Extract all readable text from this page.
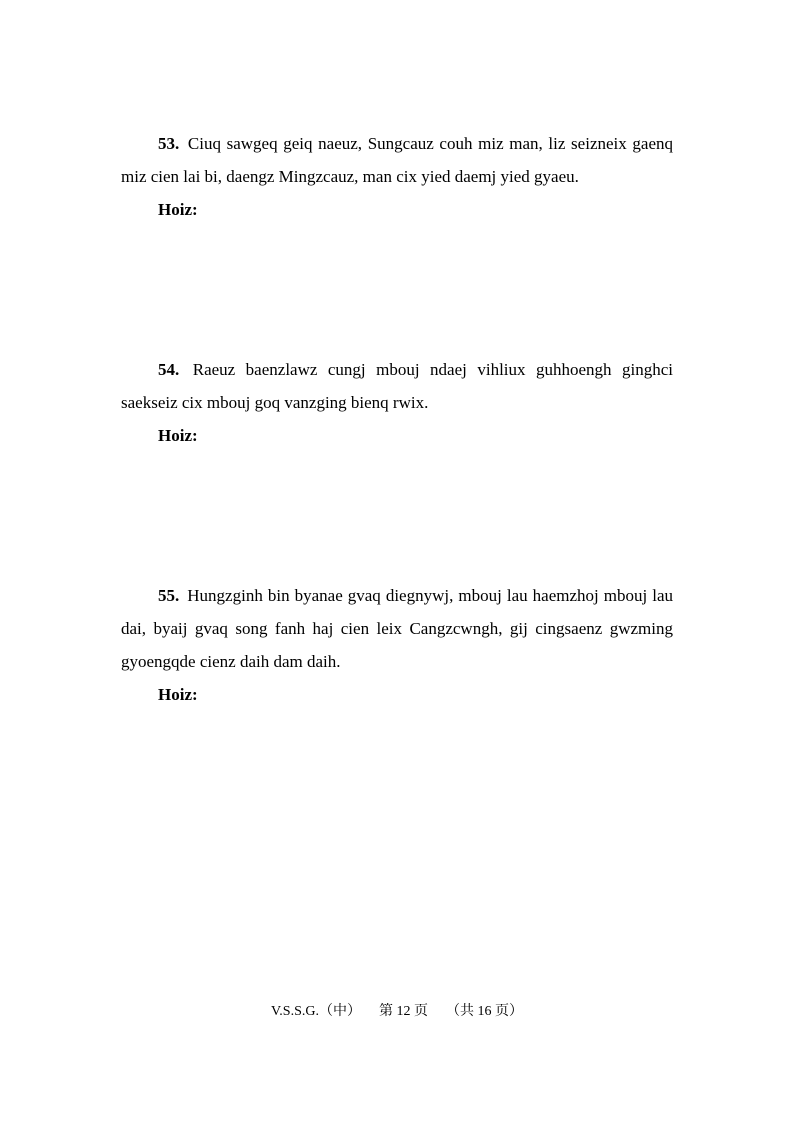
53. Ciuq sawgeq geiq naeuz, Sungcauz couh miz man, liz seizneix gaenq miz cien lai bi, daengz Mingzcauz, man cix yied daemj yied gyaeu.

Hoiz:

54. Raeuz baenzlawz cungj mbouj ndaej vihliux guhhoengh ginghci saekseiz cix mbouj goq vanzging bienq rwix.

Hoiz:

55. Hungzginh bin byanae gvaq diegnywj, mbouj lau haemzhoj mbouj lau dai, byaij gvaq song fanh haj cien leix Cangzcwngh, gij cingsaenz gwzming gyoengqde cienz daih dam daih.

Hoiz:

V.S.S.G.（中） 第 12 页 （共 16 页）
